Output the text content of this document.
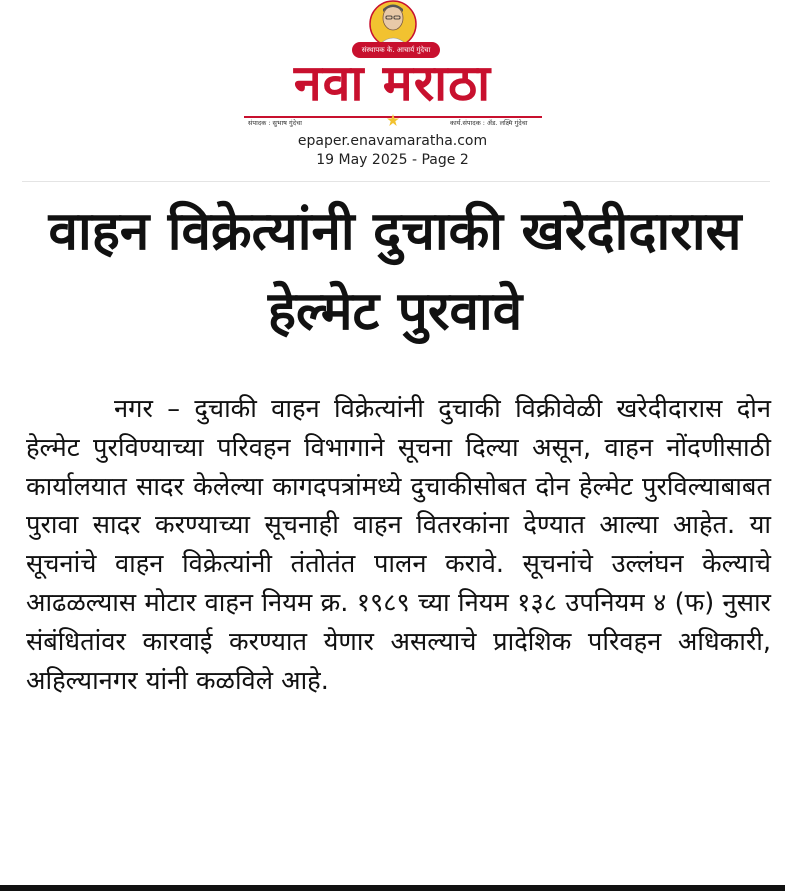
संस्थापक के. आचार्य गुंदेचा
नवा मराठा
संपादक : सुभाष गुंदेचा	कार्य.संपादक : ॲड. लक्ष्मि गुंदेचा
epaper.enavamaratha.com
19 May 2025 - Page 2
वाहन विक्रेत्यांनी दुचाकी खरेदीदारास हेल्मेट पुरवावे

नगर – दुचाकी वाहन विक्रेत्यांनी दुचाकी विक्रीवेळी खरेदीदारास दोन हेल्मेट पुरविण्याच्या परिवहन विभागाने सूचना दिल्या असून, वाहन नोंदणीसाठी कार्यालयात सादर केलेल्या कागदपत्रांमध्ये दुचाकीसोबत दोन हेल्मेट पुरविल्याबाबत पुरावा सादर करण्याच्या सूचनाही वाहन वितरकांना देण्यात आल्या आहेत. या सूचनांचे वाहन विक्रेत्यांनी तंतोतंत पालन करावे. सूचनांचे उल्लंघन केल्याचे आढळल्यास मोटार वाहन नियम क्र. १९८९ च्या नियम १३८ उपनियम ४ (फ) नुसार संबंधितांवर कारवाई करण्यात येणार असल्याचे प्रादेशिक परिवहन अधिकारी, अहिल्यानगर यांनी कळविले आहे.
